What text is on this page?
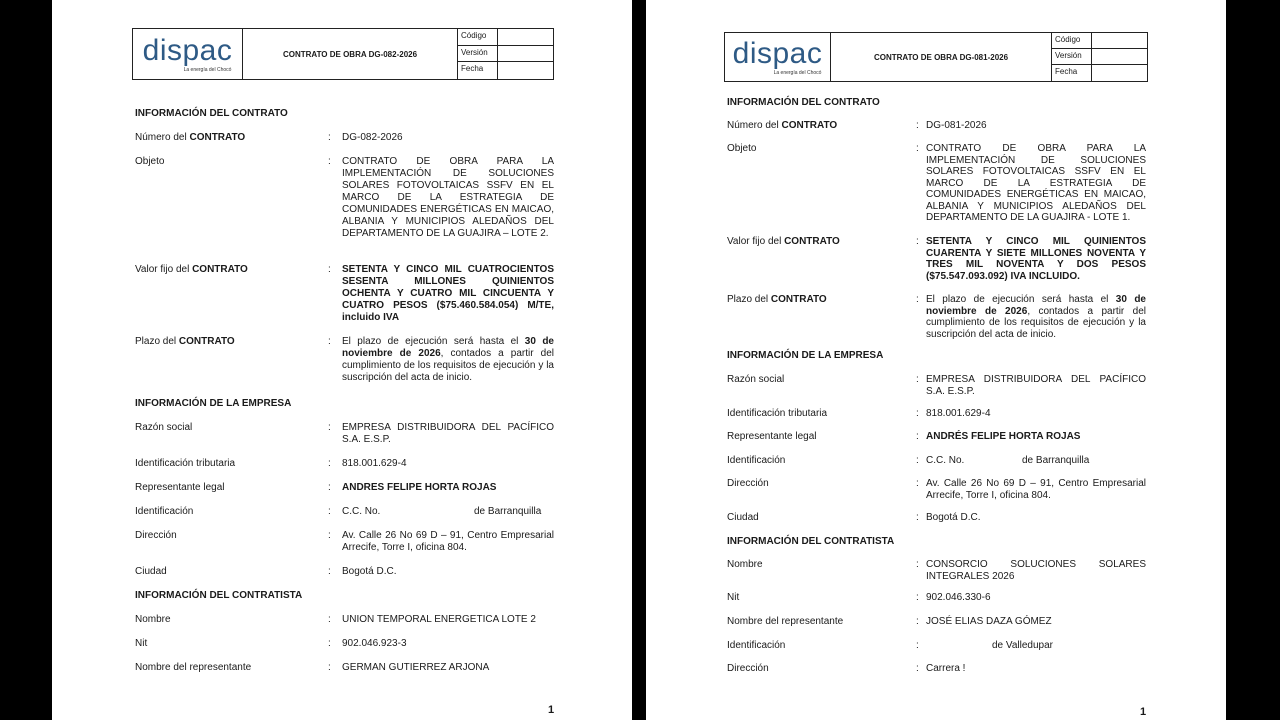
dispac
La energía del Chocó
CONTRATO DE OBRA DG-082-2026
Código
Versión
Fecha
INFORMACIÓN DEL CONTRATO
Número del CONTRATO	: DG-082-2026
Objeto	: CONTRATO DE OBRA PARA LA IMPLEMENTACIÓN DE SOLUCIONES SOLARES FOTOVOLTAICAS SSFV EN EL MARCO DE LA ESTRATEGIA DE COMUNIDADES ENERGÉTICAS EN MAICAO, ALBANIA Y MUNICIPIOS ALEDAÑOS DEL DEPARTAMENTO DE LA GUAJIRA – LOTE 2.
Valor fijo del CONTRATO	: SETENTA Y CINCO MIL CUATROCIENTOS SESENTA MILLONES QUINIENTOS OCHENTA Y CUATRO MIL CINCUENTA Y CUATRO PESOS ($75.460.584.054) M/TE, incluido IVA
Plazo del CONTRATO	: El plazo de ejecución será hasta el 30 de noviembre de 2026, contados a partir del cumplimiento de los requisitos de ejecución y la suscripción del acta de inicio.
INFORMACIÓN DE LA EMPRESA
Razón social	: EMPRESA DISTRIBUIDORA DEL PACÍFICO S.A. E.S.P.
Identificación tributaria	: 818.001.629-4
Representante legal	: ANDRES FELIPE HORTA ROJAS
Identificación	: C.C. No.	de Barranquilla
Dirección	: Av. Calle 26 No 69 D – 91, Centro Empresarial Arrecife, Torre I, oficina 804.
Ciudad	: Bogotá D.C.
INFORMACIÓN DEL CONTRATISTA
Nombre	: UNION TEMPORAL ENERGETICA LOTE 2
Nit	: 902.046.923-3
Nombre del representante	: GERMAN GUTIERREZ ARJONA
1
dispac
La energía del Chocó
CONTRATO DE OBRA DG-081-2026
Código
Versión
Fecha
INFORMACIÓN DEL CONTRATO
Número del CONTRATO	: DG-081-2026
Objeto	: CONTRATO DE OBRA PARA LA IMPLEMENTACIÓN DE SOLUCIONES SOLARES FOTOVOLTAICAS SSFV EN EL MARCO DE LA ESTRATEGIA DE COMUNIDADES ENERGÉTICAS EN MAICAO, ALBANIA Y MUNICIPIOS ALEDAÑOS DEL DEPARTAMENTO DE LA GUAJIRA - LOTE 1.
Valor fijo del CONTRATO	: SETENTA Y CINCO MIL QUINIENTOS CUARENTA Y SIETE MILLONES NOVENTA Y TRES MIL NOVENTA Y DOS PESOS ($75.547.093.092) IVA INCLUIDO.
Plazo del CONTRATO	: El plazo de ejecución será hasta el 30 de noviembre de 2026, contados a partir del cumplimiento de los requisitos de ejecución y la suscripción del acta de inicio.
INFORMACIÓN DE LA EMPRESA
Razón social	: EMPRESA DISTRIBUIDORA DEL PACÍFICO S.A. E.S.P.
Identificación tributaria	: 818.001.629-4
Representante legal	: ANDRÉS FELIPE HORTA ROJAS
Identificación	: C.C. No.	de Barranquilla
Dirección	: Av. Calle 26 No 69 D – 91, Centro Empresarial Arrecife, Torre I, oficina 804.
Ciudad	: Bogotá D.C.
INFORMACIÓN DEL CONTRATISTA
Nombre	: CONSORCIO SOLUCIONES SOLARES INTEGRALES 2026
Nit	: 902.046.330-6
Nombre del representante	: JOSÉ ELIAS DAZA GÓMEZ
Identificación	:	de Valledupar
Dirección	: Carrera !
1
